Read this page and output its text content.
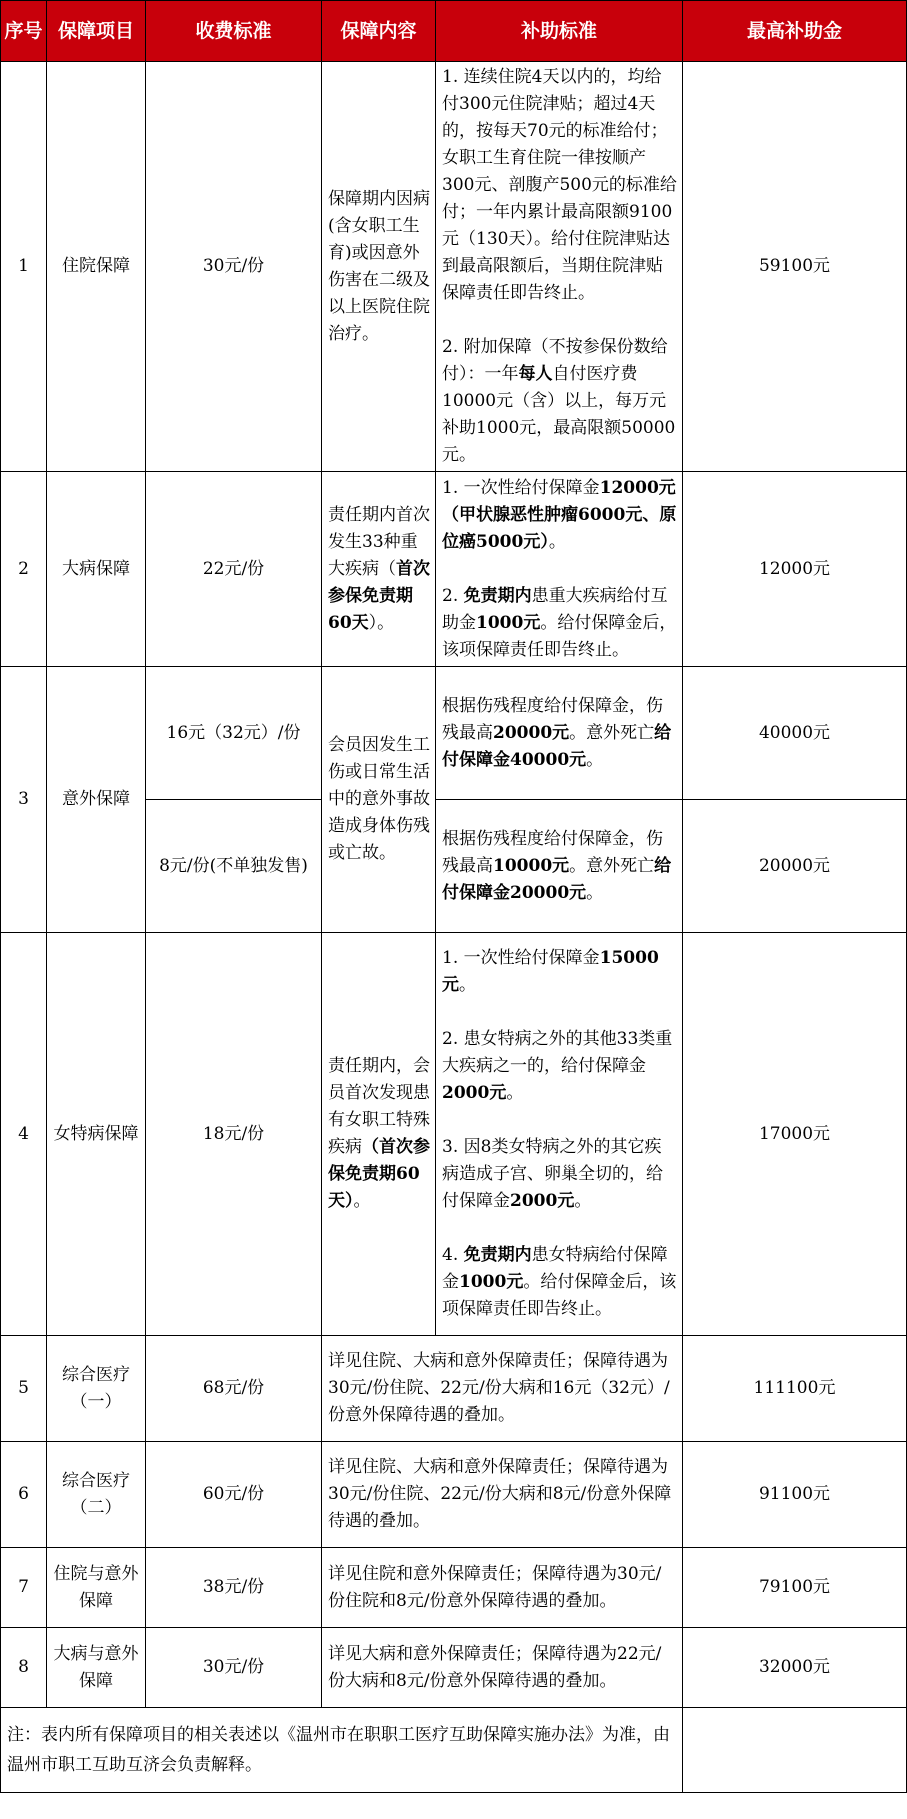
序号	保障项目	收费标准	保障内容	补助标准	最高补助金
1	住院保障	30元/份	保障期内因病(含女职工生育)或因意外伤害在二级及以上医院住院治疗。	1. 连续住院4天以内的，均给付300元住院津贴；超过4天的，按每天70元的标准给付；女职工生育住院一律按顺产300元、剖腹产500元的标准给付；一年内累计最高限额9100元（130天）。给付住院津贴达到最高限额后，当期住院津贴保障责任即告终止。

2. 附加保障（不按参保份数给付）：一年每人自付医疗费10000元（含）以上，每万元补助1000元，最高限额50000元。	59100元
2	大病保障	22元/份	责任期内首次发生33种重大疾病（首次参保免责期60天）。	1. 一次性给付保障金12000元（甲状腺恶性肿瘤6000元、原位癌5000元）。

2. 免责期内患重大疾病给付互助金1000元。给付保障金后，该项保障责任即告终止。	12000元
3	意外保障	16元（32元）/份	会员因发生工伤或日常生活中的意外事故造成身体伤残或亡故。	根据伤残程度给付保障金，伤残最高20000元。意外死亡给付保障金40000元。	40000元
		8元/份(不单独发售)		根据伤残程度给付保障金，伤残最高10000元。意外死亡给付保障金20000元。	20000元
4	女特病保障	18元/份	责任期内，会员首次发现患有女职工特殊疾病（首次参保免责期60天）。	1. 一次性给付保障金15000元。

2. 患女特病之外的其他33类重大疾病之一的，给付保障金2000元。

3. 因8类女特病之外的其它疾病造成子宫、卵巢全切的，给付保障金2000元。

4. 免责期内患女特病给付保障金1000元。给付保障金后，该项保障责任即告终止。	17000元
5	综合医疗（一）	68元/份	详见住院、大病和意外保障责任；保障待遇为30元/份住院、22元/份大病和16元（32元）/份意外保障待遇的叠加。		111100元
6	综合医疗（二）	60元/份	详见住院、大病和意外保障责任；保障待遇为30元/份住院、22元/份大病和8元/份意外保障待遇的叠加。		91100元
7	住院与意外保障	38元/份	详见住院和意外保障责任；保障待遇为30元/份住院和8元/份意外保障待遇的叠加。		79100元
8	大病与意外保障	30元/份	详见大病和意外保障责任；保障待遇为22元/份大病和8元/份意外保障待遇的叠加。		32000元
注：表内所有保障项目的相关表述以《温州市在职职工医疗互助保障实施办法》为准，由温州市职工互助互济会负责解释。					
